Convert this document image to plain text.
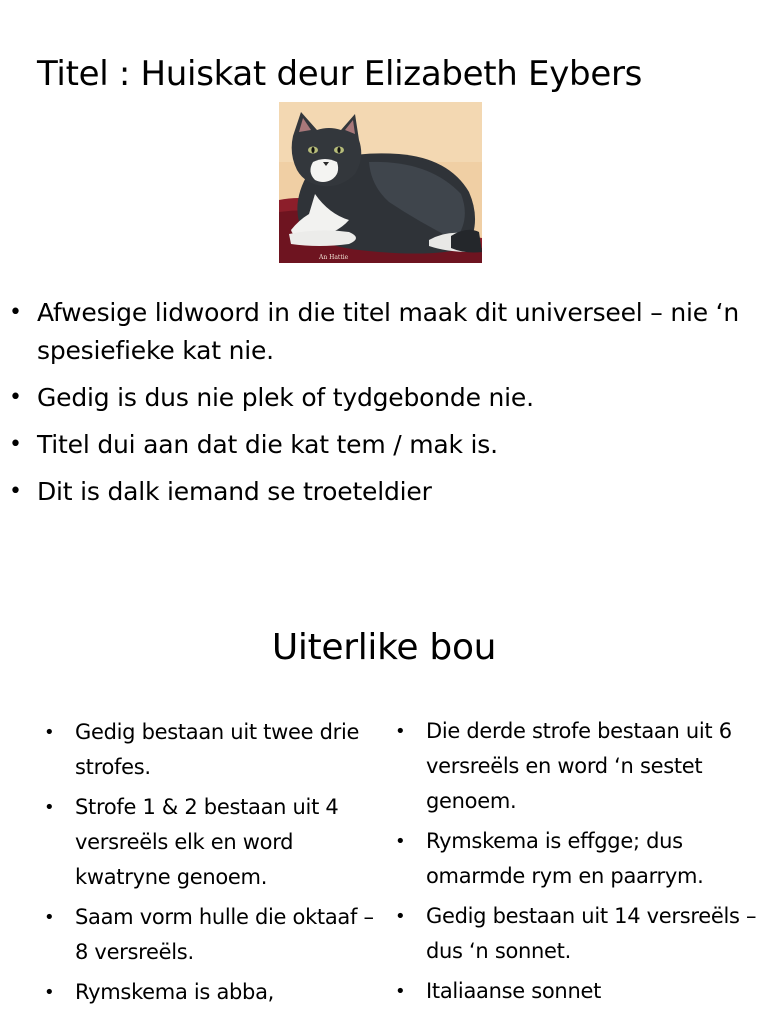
Titel : Huiskat deur Elizabeth Eybers
An Hattie
• Afwesige lidwoord in die titel maak dit universeel – nie ‘n spesiefieke kat nie.
• Gedig is dus nie plek of tydgebonde nie.
• Titel dui aan dat die kat tem / mak is.
• Dit is dalk iemand se troeteldier
Uiterlike bou
• Gedig bestaan uit twee drie strofes.
• Strofe 1 & 2 bestaan uit 4 versreëls elk en word kwatryne genoem.
• Saam vorm hulle die oktaaf – 8 versreëls.
• Rymskema is abba,
• Die derde strofe bestaan uit 6 versreëls en word ‘n sestet genoem.
• Rymskema is effgge; dus omarmde rym en paarrym.
• Gedig bestaan uit 14 versreëls – dus ‘n sonnet.
• Italiaanse sonnet
